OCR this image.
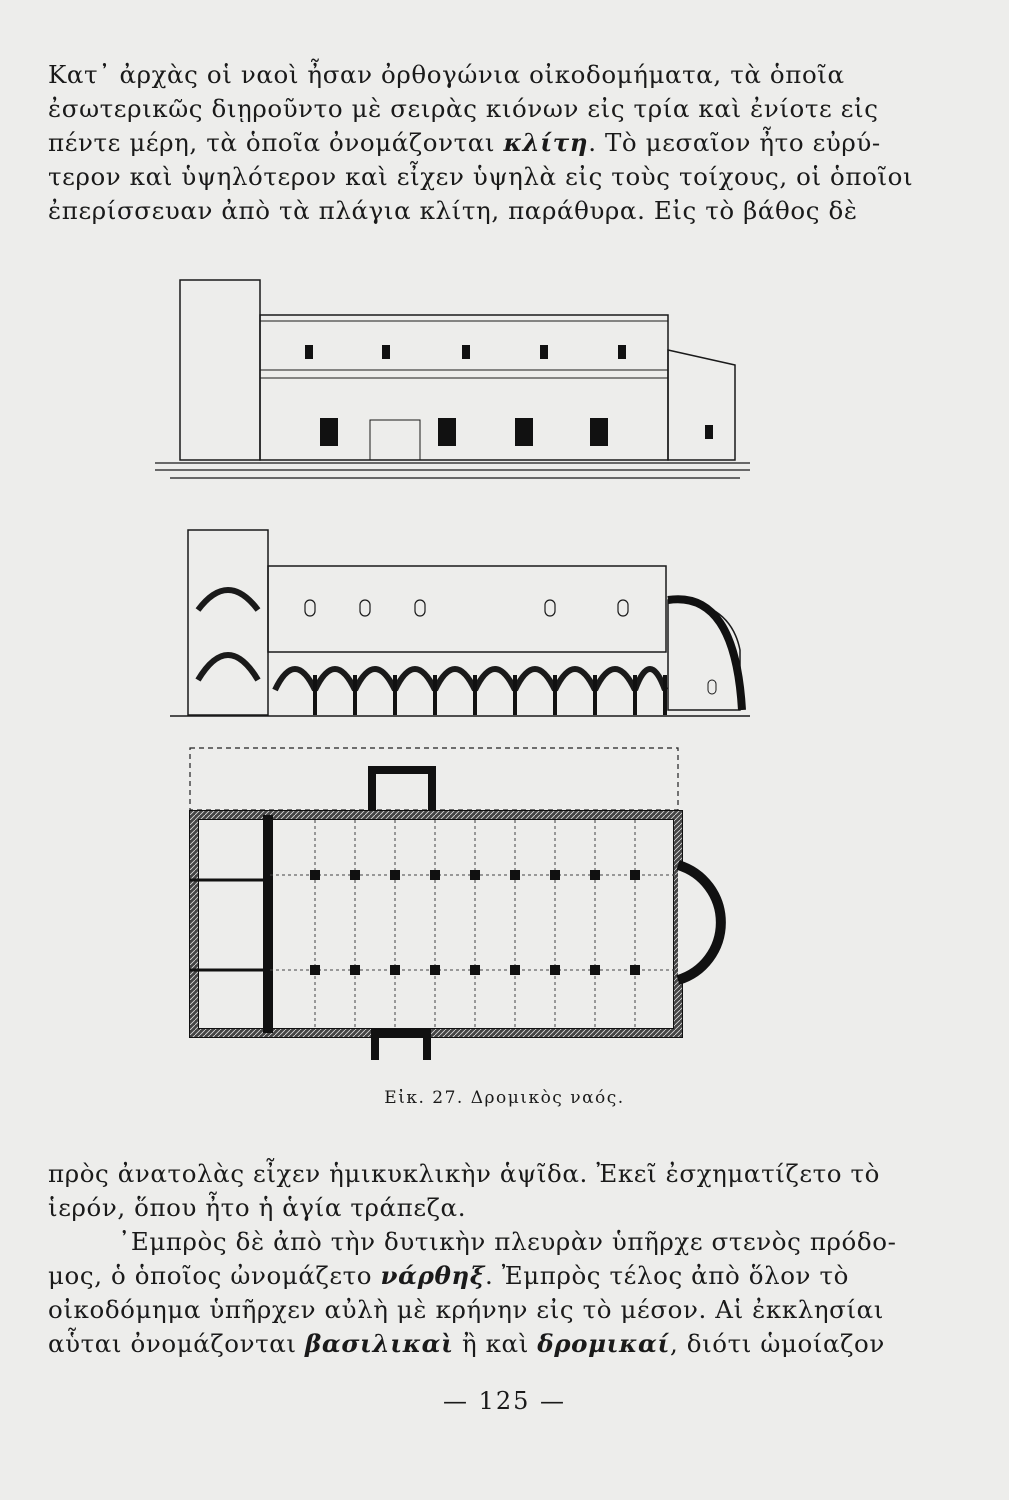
Κατ᾽ ἀρχὰς οἱ ναοὶ ἦσαν ὀρθογώνια οἰκοδομήματα, τὰ ὁποῖα
ἐσωτερικῶς διῃροῦντο μὲ σειρὰς κιόνων εἰς τρία καὶ ἐνίοτε εἰς
πέντε μέρη, τὰ ὁποῖα ὀνομάζονται κλίτη. Τὸ μεσαῖον ἦτο εὐρύ-
τερον καὶ ὑψηλότερον καὶ εἶχεν ὑψηλὰ εἰς τοὺς τοίχους, οἱ ὁποῖοι
ἐπερίσσευαν ἀπὸ τὰ πλάγια κλίτη, παράθυρα. Εἰς τὸ βάθος δὲ
Εἰκ. 27. Δρομικὸς ναός.
πρὸς ἀνατολὰς εἶχεν ἡμικυκλικὴν ἁψῖδα. Ἐκεῖ ἐσχηματίζετο τὸ
ἱερόν, ὅπου ἦτο ἡ ἁγία τράπεζα.
᾽Εμπρὸς δὲ ἀπὸ τὴν δυτικὴν πλευρὰν ὑπῆρχε στενὸς πρόδο-
μος, ὁ ὁποῖος ὠνομάζετο νάρθηξ. Ἐμπρὸς τέλος ἀπὸ ὅλον τὸ
οἰκοδόμημα ὑπῆρχεν αὐλὴ μὲ κρήνην εἰς τὸ μέσον. Αἱ ἐκκλησίαι
αὗται ὀνομάζονται βασιλικαὶ ἢ καὶ δρομικαί, διότι ὡμοίαζον
— 125 —
